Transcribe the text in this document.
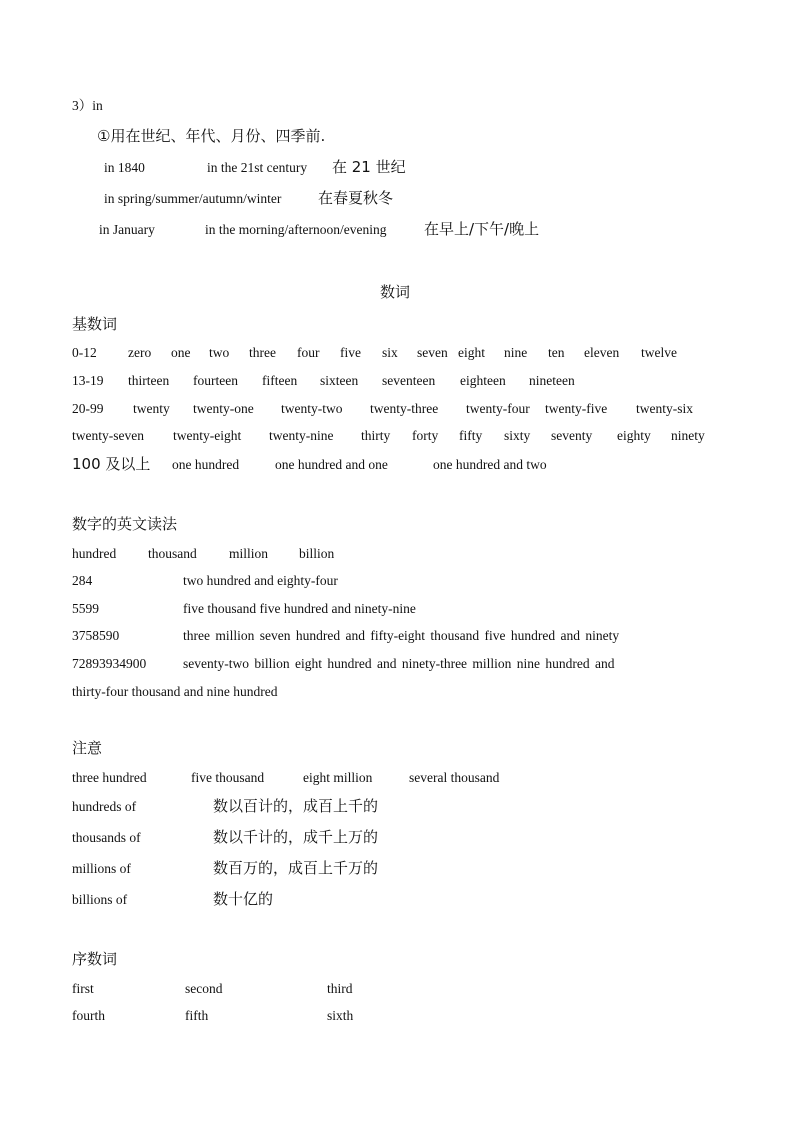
3）in
①用在世纪、年代、月份、四季前.
in 1840	in the 21st century 在 21 世纪
in spring/summer/autumn/winter 在春夏秋冬
in January	in the morning/afternoon/evening	在早上/下午/晚上
数词
基数词
0-12 zero one two three four five six seven eight nine ten eleven twelve
13-19 thirteen fourteen fifteen sixteen seventeen eighteen nineteen
20-99 twenty twenty-one twenty-two twenty-three twenty-four twenty-five twenty-six
twenty-seven twenty-eight twenty-nine thirty forty fifty sixty seventy eighty ninety
100 及以上 one hundred	one hundred and one	one hundred and two
数字的英文读法
hundred thousand million billion
284	two hundred and eighty-four
5599	five thousand five hundred and ninety-nine
3758590	three million seven hundred and fifty-eight thousand five hundred and ninety
72893934900	seventy-two billion eight hundred and ninety-three million nine hundred and
thirty-four thousand and nine hundred
注意
three hundred	five thousand	eight million	several thousand
hundreds of	数以百计的，成百上千的
thousands of	数以千计的，成千上万的
millions of	数百万的，成百上千万的
billions of	数十亿的
序数词
first	second	third
fourth	fifth	sixth
